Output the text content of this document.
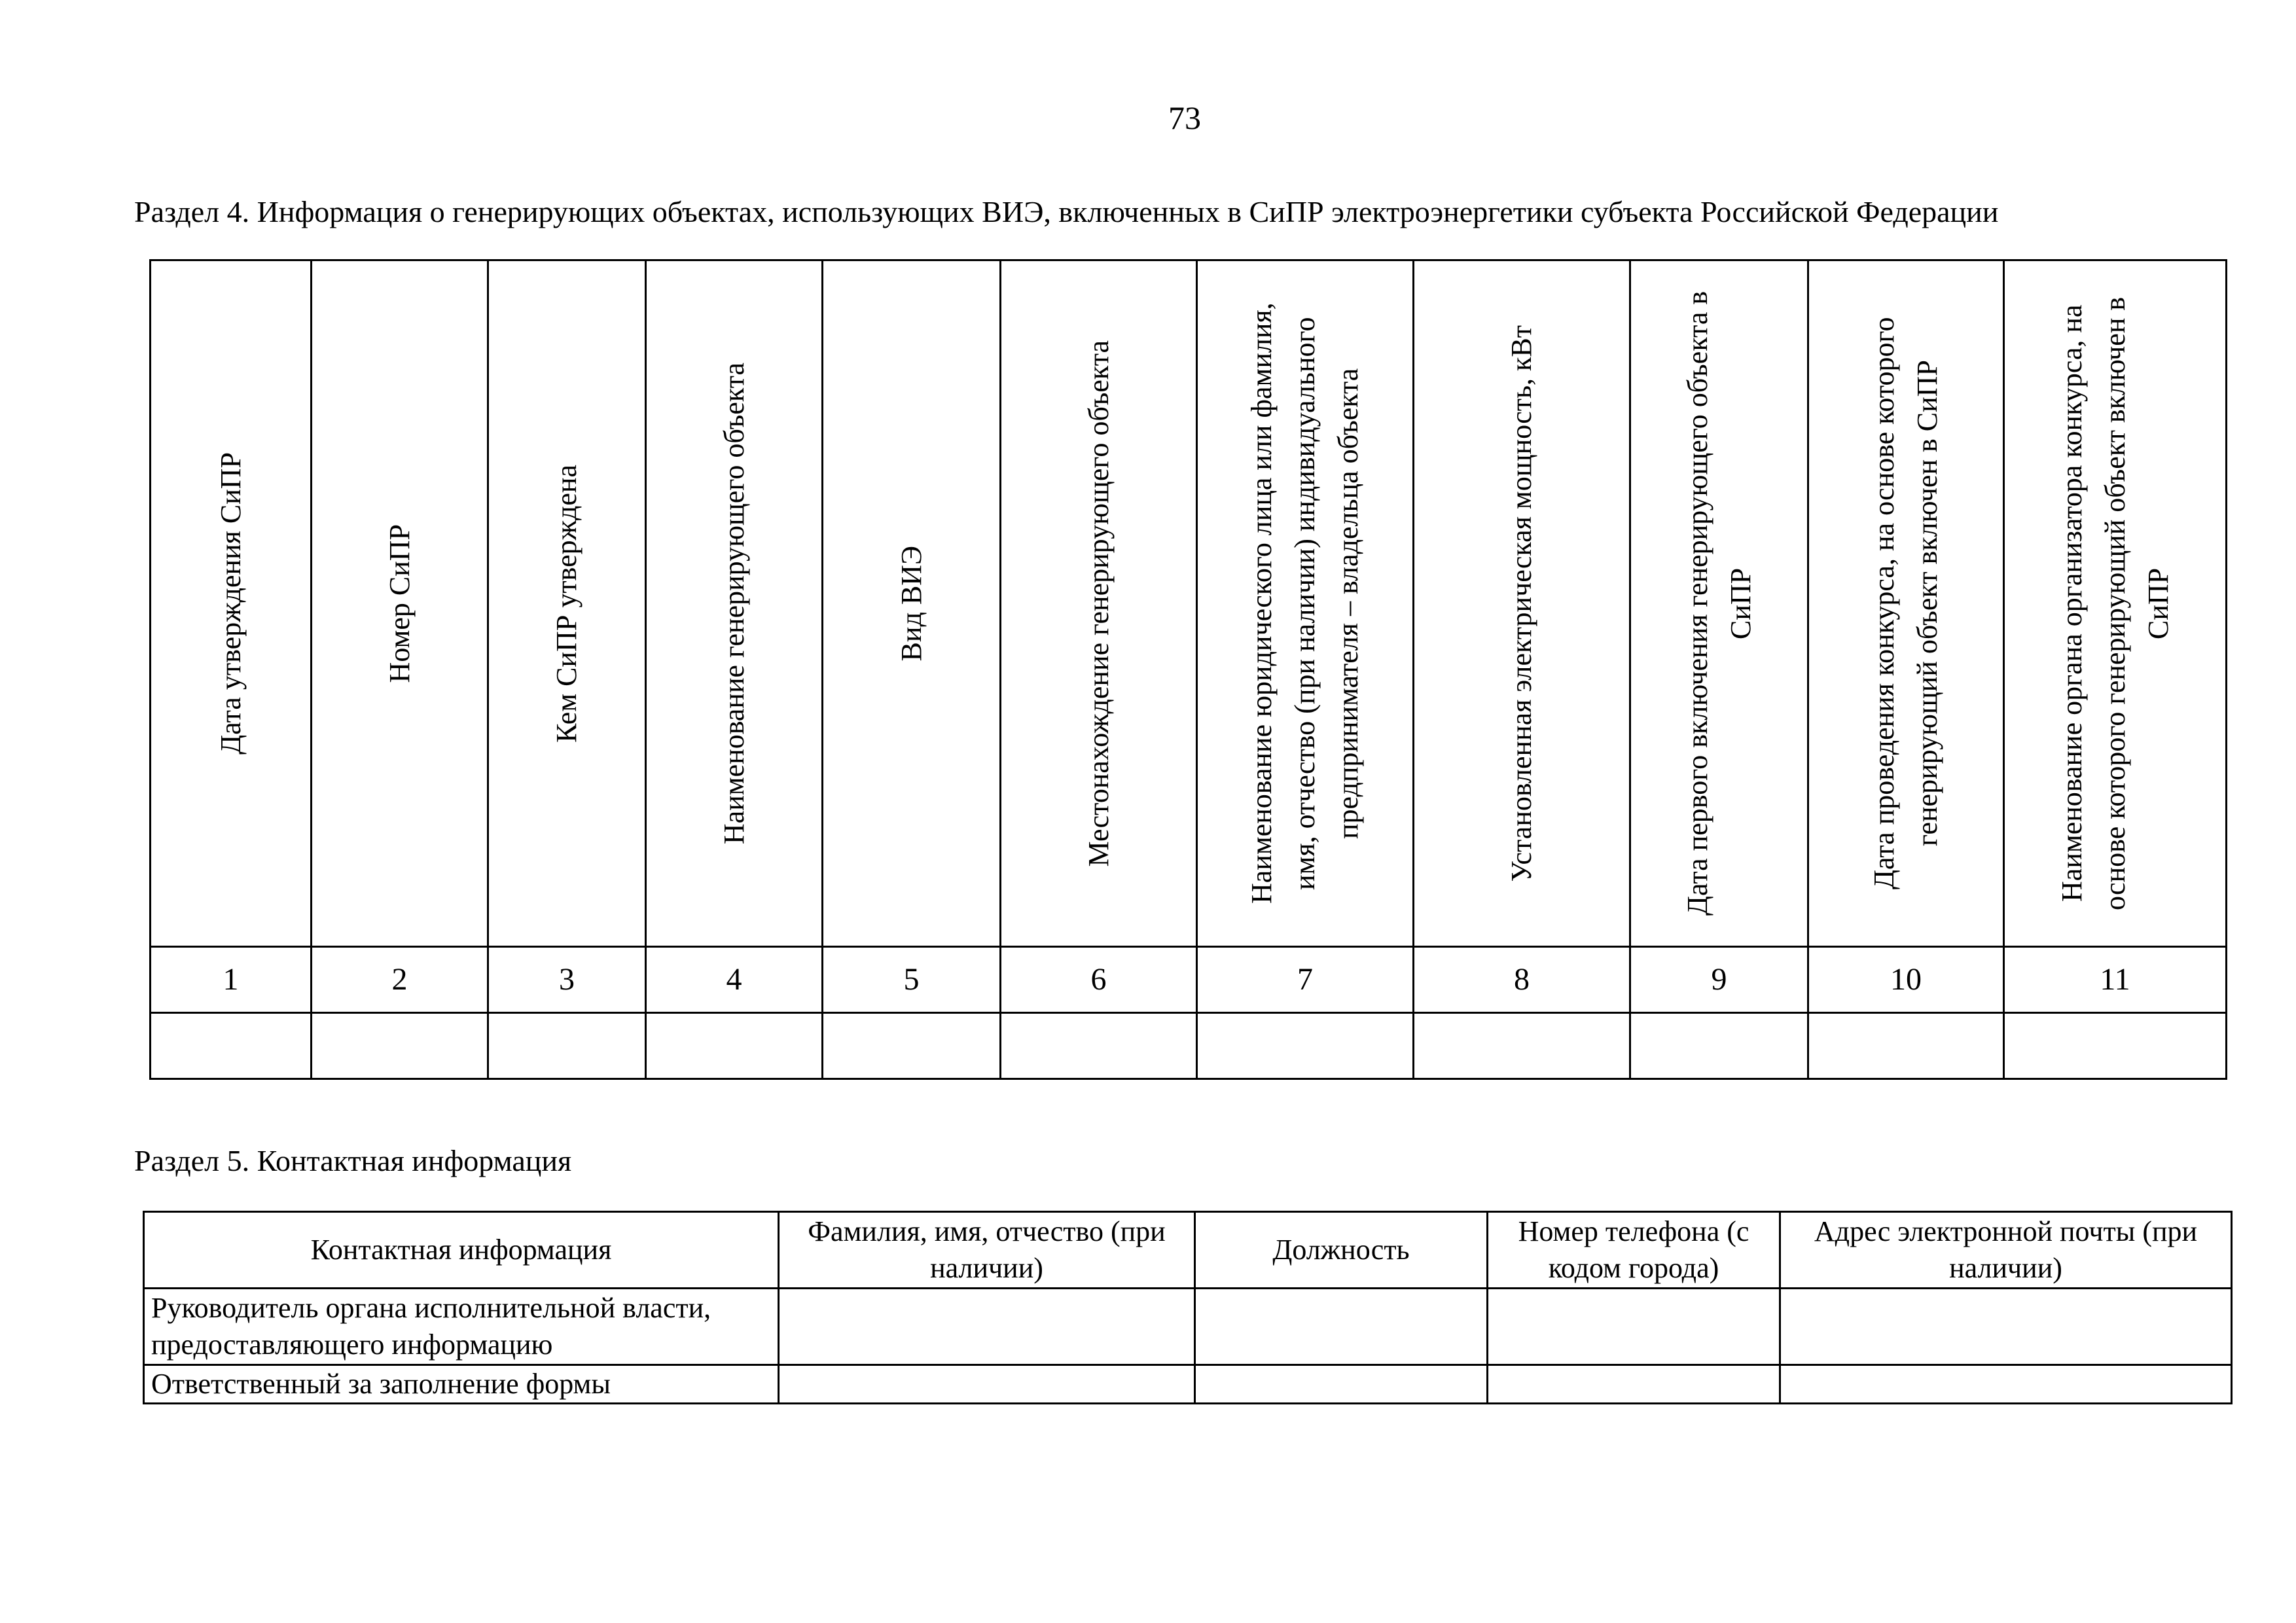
73
Раздел 4. Информация о генерирующих объектах, использующих ВИЭ, включенных в СиПР электроэнергетики субъекта Российской Федерации
Дата утверждения СиПР	Номер СиПР	Кем СиПР утверждена	Наименование генерирующего объекта	Вид ВИЭ	Местонахождение генерирующего объекта	Наименование юридического лица или фамилия, имя, отчество (при наличии) индивидуального предпринимателя – владельца объекта	Установленная электрическая мощность, кВт	Дата первого включения генерирующего объекта в СиПР	Дата проведения конкурса, на основе которого генерирующий объект включен в СиПР	Наименование органа организатора конкурса, на основе которого генерирующий объект включен в СиПР

1	2	3	4	5	6	7	8	9	10	11

Раздел 5. Контактная информация
Контактная информация	Фамилия, имя, отчество (при наличии)	Должность	Номер телефона (с кодом города)	Адрес электронной почты (при наличии)
Руководитель органа исполнительной власти, предоставляющего информацию				
Ответственный за заполнение формы				
